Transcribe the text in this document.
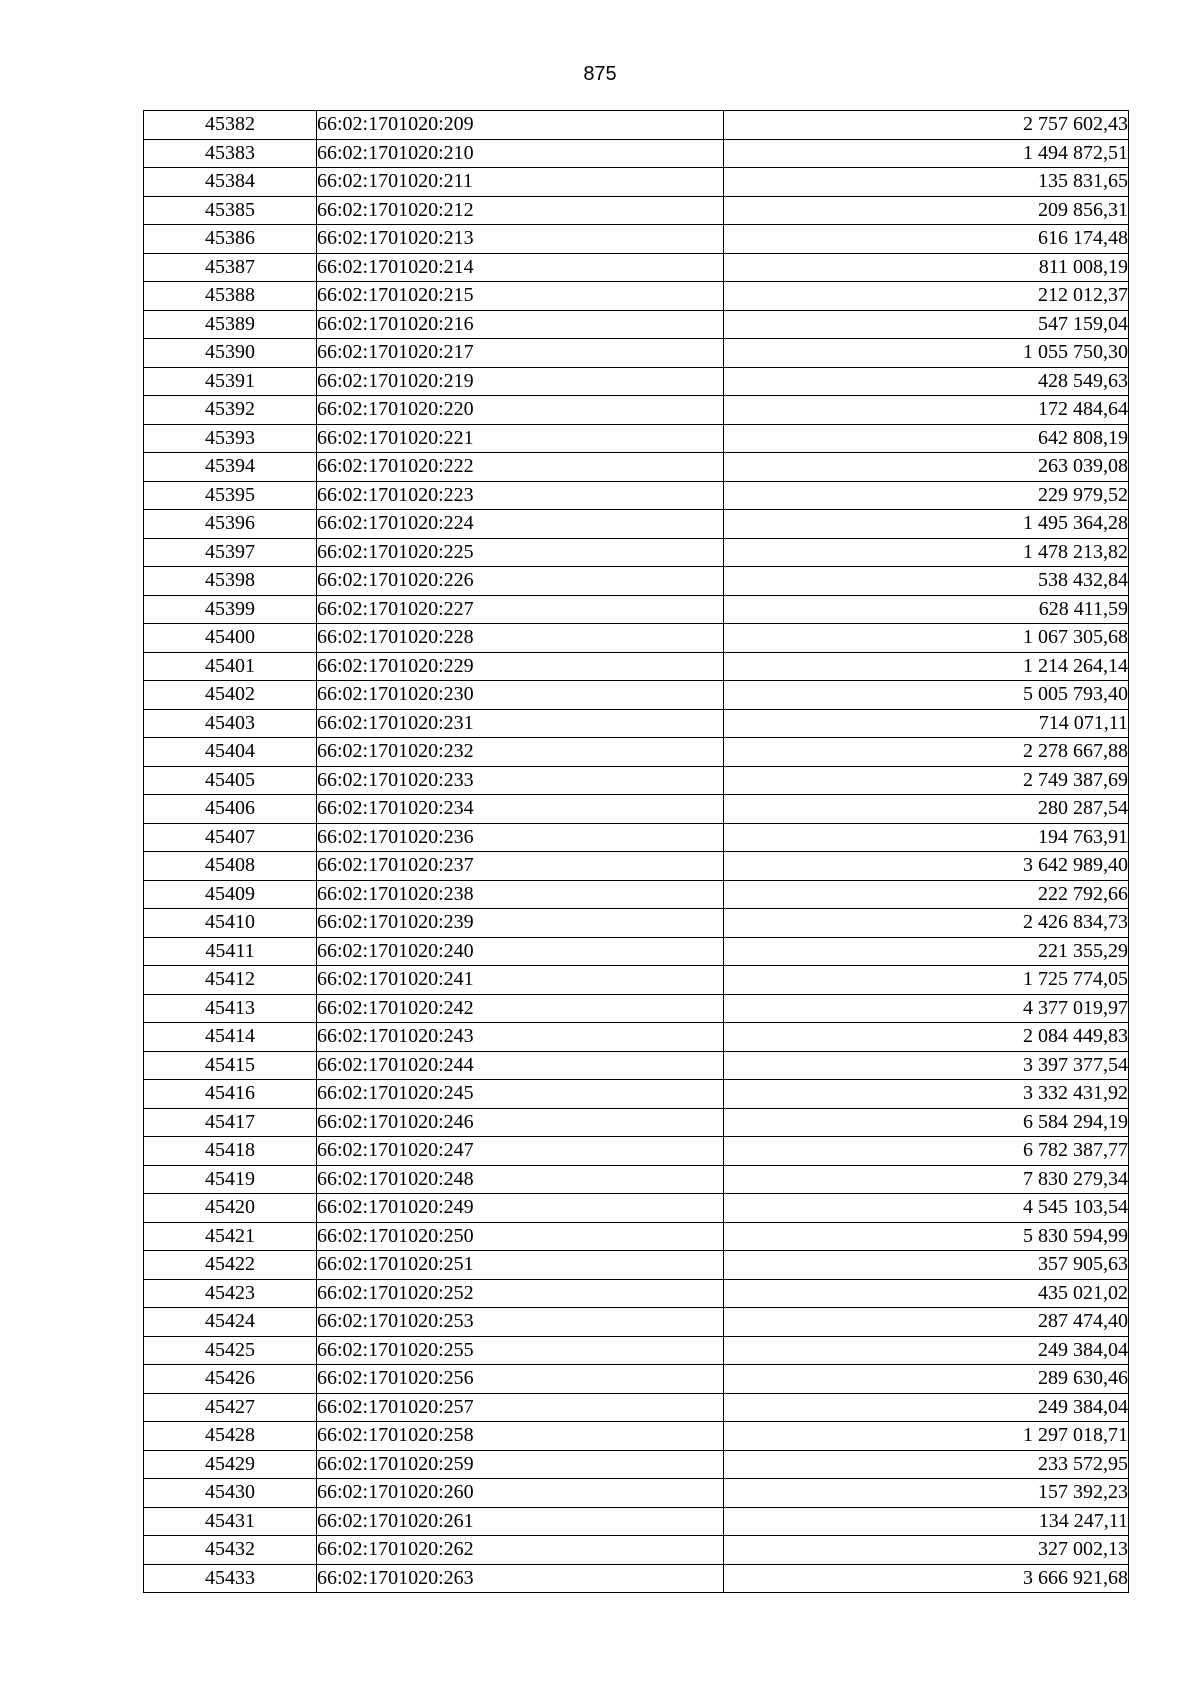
875
45382	66:02:1701020:209	2 757 602,43
45383	66:02:1701020:210	1 494 872,51
45384	66:02:1701020:211	135 831,65
45385	66:02:1701020:212	209 856,31
45386	66:02:1701020:213	616 174,48
45387	66:02:1701020:214	811 008,19
45388	66:02:1701020:215	212 012,37
45389	66:02:1701020:216	547 159,04
45390	66:02:1701020:217	1 055 750,30
45391	66:02:1701020:219	428 549,63
45392	66:02:1701020:220	172 484,64
45393	66:02:1701020:221	642 808,19
45394	66:02:1701020:222	263 039,08
45395	66:02:1701020:223	229 979,52
45396	66:02:1701020:224	1 495 364,28
45397	66:02:1701020:225	1 478 213,82
45398	66:02:1701020:226	538 432,84
45399	66:02:1701020:227	628 411,59
45400	66:02:1701020:228	1 067 305,68
45401	66:02:1701020:229	1 214 264,14
45402	66:02:1701020:230	5 005 793,40
45403	66:02:1701020:231	714 071,11
45404	66:02:1701020:232	2 278 667,88
45405	66:02:1701020:233	2 749 387,69
45406	66:02:1701020:234	280 287,54
45407	66:02:1701020:236	194 763,91
45408	66:02:1701020:237	3 642 989,40
45409	66:02:1701020:238	222 792,66
45410	66:02:1701020:239	2 426 834,73
45411	66:02:1701020:240	221 355,29
45412	66:02:1701020:241	1 725 774,05
45413	66:02:1701020:242	4 377 019,97
45414	66:02:1701020:243	2 084 449,83
45415	66:02:1701020:244	3 397 377,54
45416	66:02:1701020:245	3 332 431,92
45417	66:02:1701020:246	6 584 294,19
45418	66:02:1701020:247	6 782 387,77
45419	66:02:1701020:248	7 830 279,34
45420	66:02:1701020:249	4 545 103,54
45421	66:02:1701020:250	5 830 594,99
45422	66:02:1701020:251	357 905,63
45423	66:02:1701020:252	435 021,02
45424	66:02:1701020:253	287 474,40
45425	66:02:1701020:255	249 384,04
45426	66:02:1701020:256	289 630,46
45427	66:02:1701020:257	249 384,04
45428	66:02:1701020:258	1 297 018,71
45429	66:02:1701020:259	233 572,95
45430	66:02:1701020:260	157 392,23
45431	66:02:1701020:261	134 247,11
45432	66:02:1701020:262	327 002,13
45433	66:02:1701020:263	3 666 921,68
